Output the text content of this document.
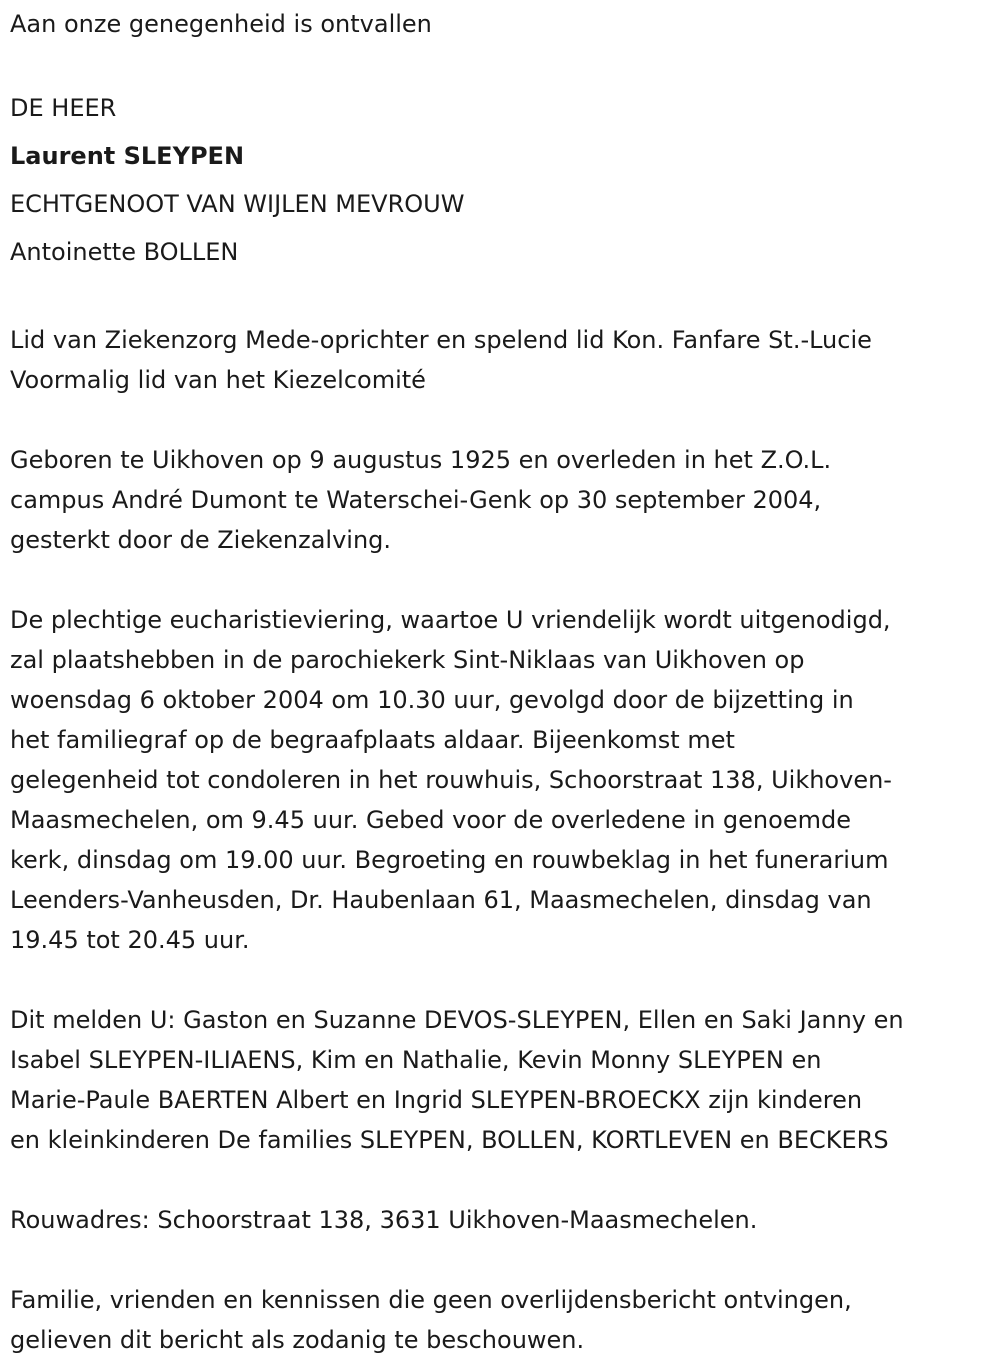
Aan onze genegenheid is ontvallen

DE HEER

Laurent SLEYPEN

ECHTGENOOT VAN WIJLEN MEVROUW

Antoinette BOLLEN

Lid van Ziekenzorg Mede-oprichter en spelend lid Kon. Fanfare St.-Lucie

Voormalig lid van het Kiezelcomité

Geboren te Uikhoven op 9 augustus 1925 en overleden in het Z.O.L.

campus André Dumont te Waterschei-Genk op 30 september 2004,

gesterkt door de Ziekenzalving.

De plechtige eucharistieviering, waartoe U vriendelijk wordt uitgenodigd,

zal plaatshebben in de parochiekerk Sint-Niklaas van Uikhoven op

woensdag 6 oktober 2004 om 10.30 uur, gevolgd door de bijzetting in

het familiegraf op de begraafplaats aldaar. Bijeenkomst met

gelegenheid tot condoleren in het rouwhuis, Schoorstraat 138, Uikhoven-

Maasmechelen, om 9.45 uur. Gebed voor de overledene in genoemde

kerk, dinsdag om 19.00 uur. Begroeting en rouwbeklag in het funerarium

Leenders-Vanheusden, Dr. Haubenlaan 61, Maasmechelen, dinsdag van

19.45 tot 20.45 uur.

Dit melden U: Gaston en Suzanne DEVOS-SLEYPEN, Ellen en Saki Janny en

Isabel SLEYPEN-ILIAENS, Kim en Nathalie, Kevin Monny SLEYPEN en

Marie-Paule BAERTEN Albert en Ingrid SLEYPEN-BROECKX zijn kinderen

en kleinkinderen De families SLEYPEN, BOLLEN, KORTLEVEN en BECKERS

Rouwadres: Schoorstraat 138, 3631 Uikhoven-Maasmechelen.

Familie, vrienden en kennissen die geen overlijdensbericht ontvingen,

gelieven dit bericht als zodanig te beschouwen.
